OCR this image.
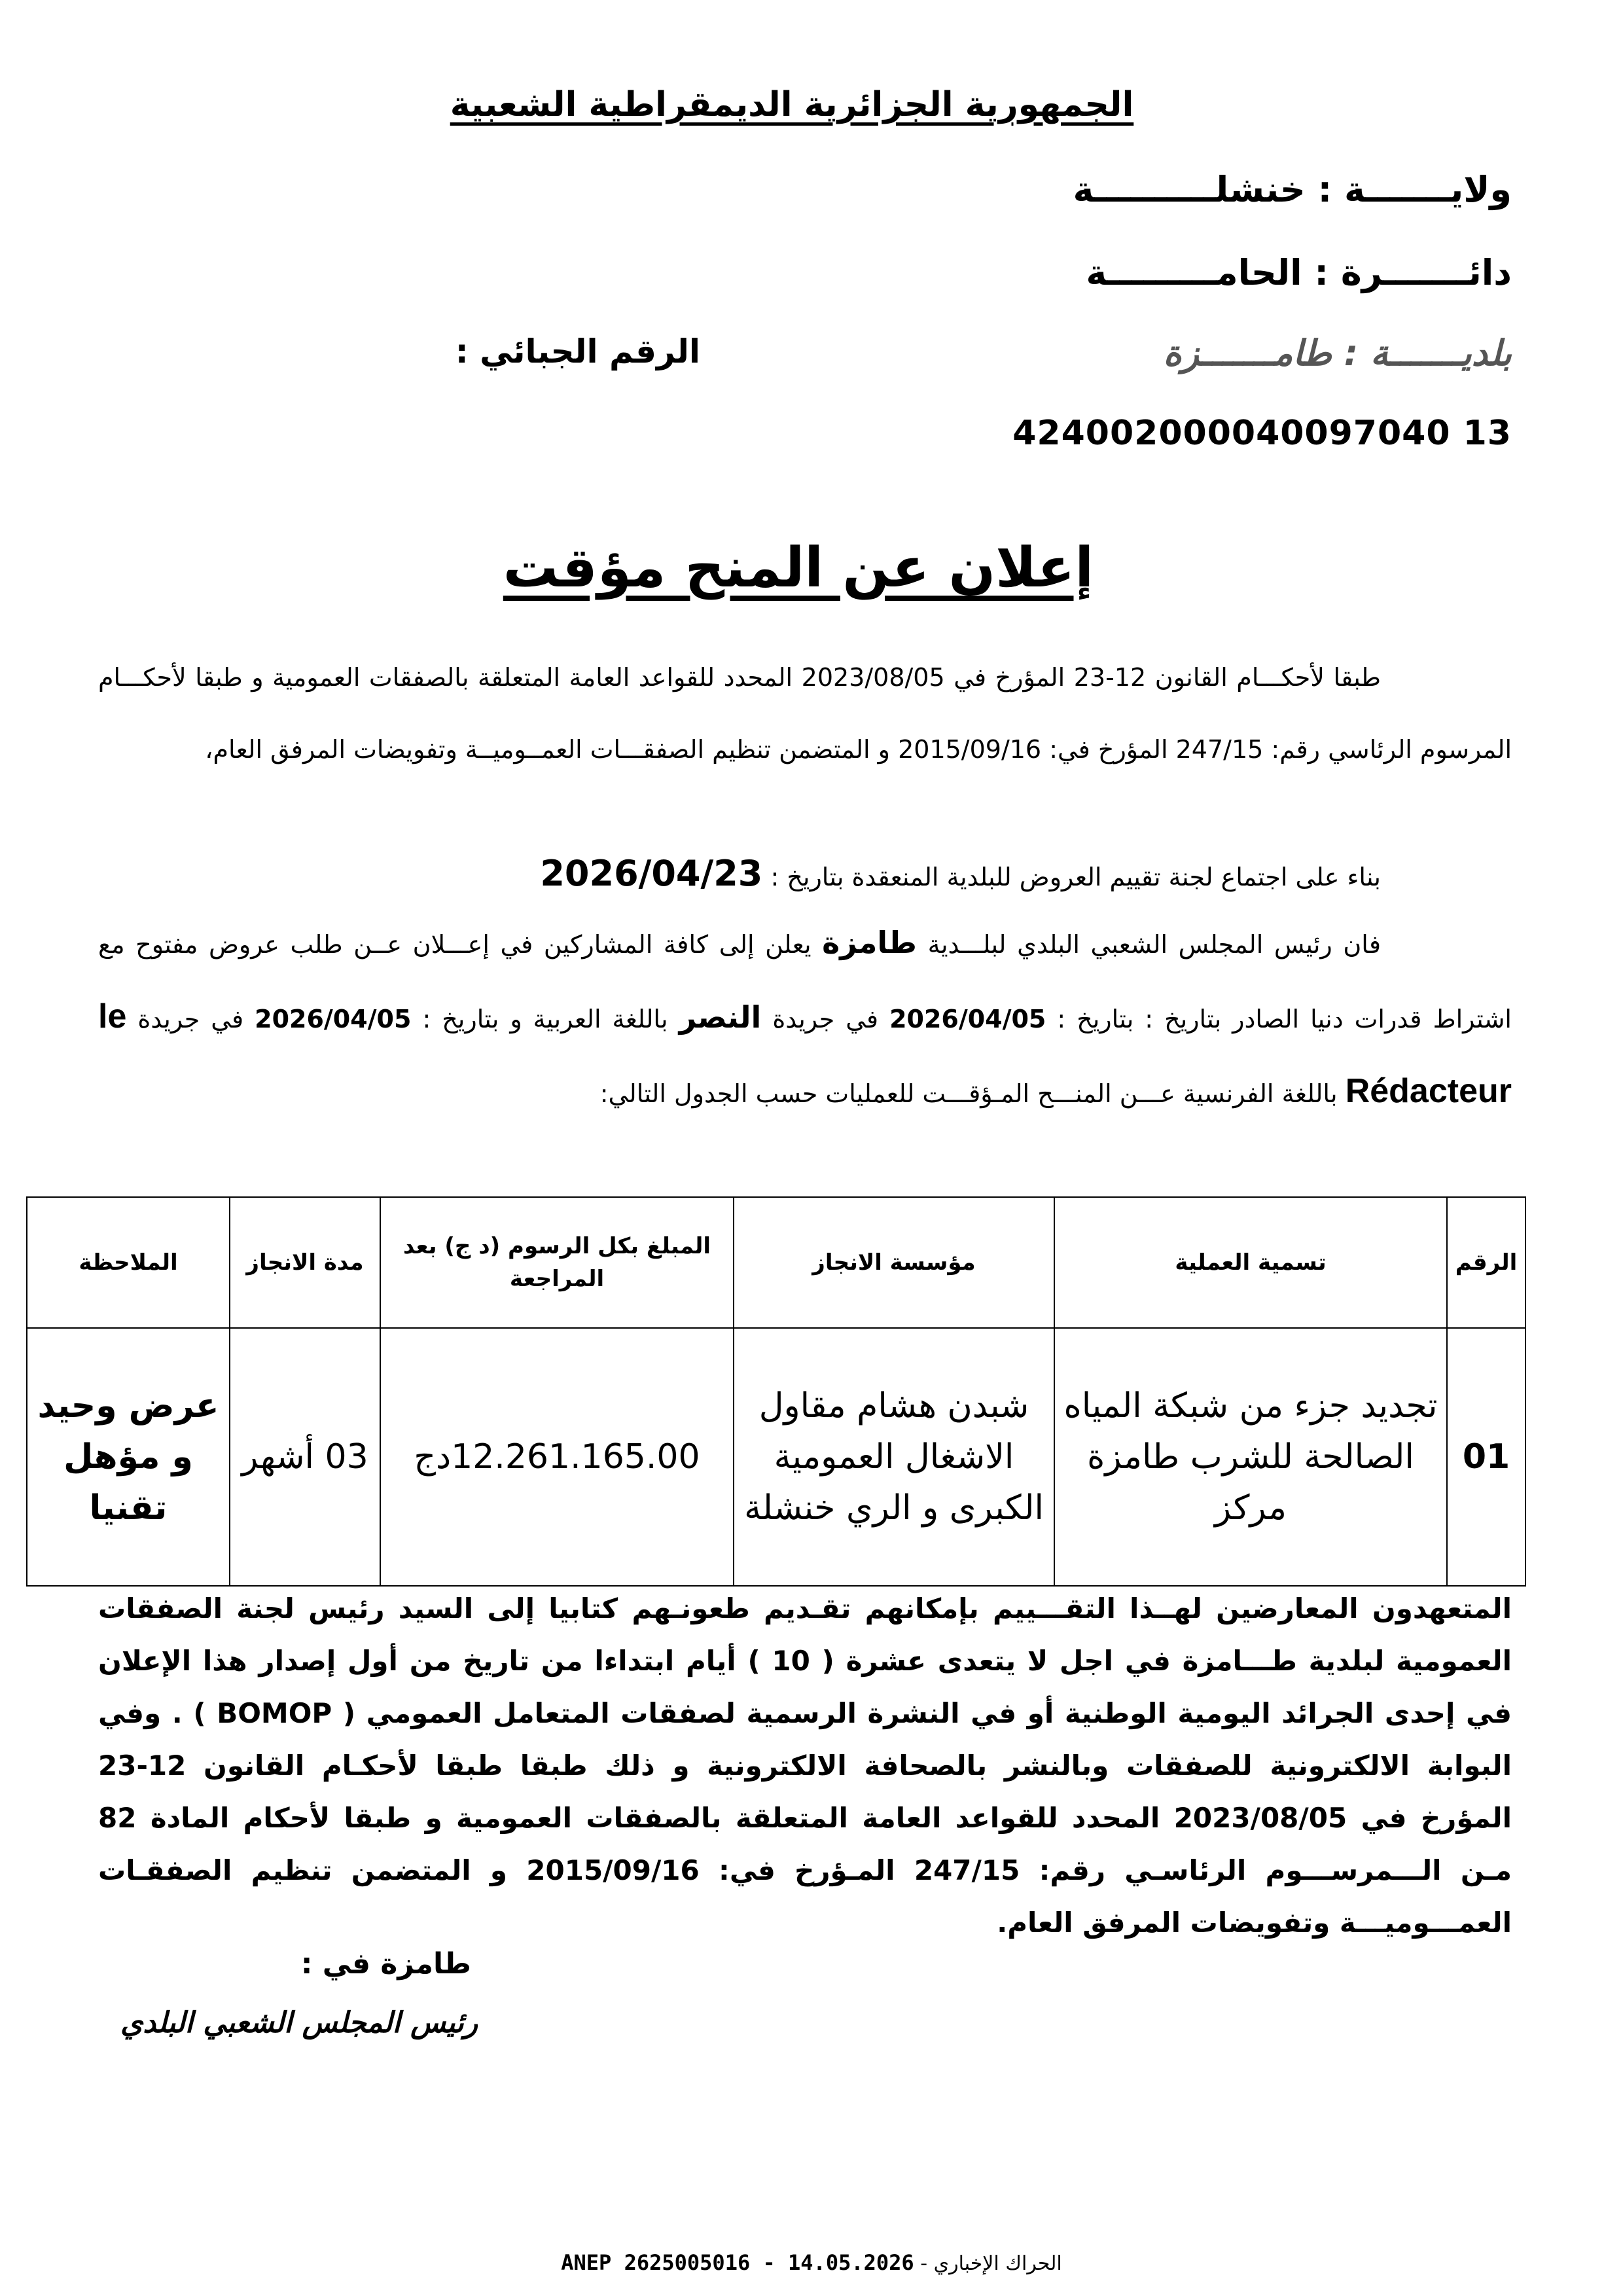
الجمهورية الجزائرية الديمقراطية الشعبية
ولايـــــــة : خنشلــــــــــة
دائـــــــرة : الحامـــــــــة
بلديـــــــة : طامـــــــزة
الرقم الجبائي :
424002000040097040 13
إعلان عن المنح مؤقت
طبقا لأحكـــام القانون 12-23 المؤرخ في 2023/08/05 المحدد للقواعد العامة المتعلقة بالصفقات العمومية و طبقا لأحكـــام المرسوم الرئاسي رقم: 247/15 المؤرخ في: 2015/09/16 و المتضمن تنظيم الصفقـــات العمــوميــة وتفويضات المرفق العام،
بناء على اجتماع لجنة تقييم العروض للبلدية المنعقدة بتاريخ : 2026/04/23
فان رئيس المجلس الشعبي البلدي لبلـــدية طامزة يعلن إلى كافة المشاركين في إعـــلان عــن طلب عروض مفتوح مع اشتراط قدرات دنيا الصادر بتاريخ : بتاريخ : 2026/04/05 في جريدة النصر باللغة العربية و بتاريخ : 2026/04/05 في جريدة le Rédacteur باللغة الفرنسية عـــن المنـــح المـؤقـــت للعمليات حسب الجدول التالي:
الرقم	تسمية العملية	مؤسسة الانجاز	المبلغ بكل الرسوم (د ج) بعد المراجعة	مدة الانجاز	الملاحظة
01	تجديد جزء من شبكة المياه الصالحة للشرب طامزة مركز	شبدن هشام مقاول الاشغال العمومية الكبرى و الري خنشلة	12.261.165.00دج	03 أشهر	عرض وحيد و مؤهل تقنيا
المتعهدون المعارضين لهــذا التقـــييم بإمكانهم تقـديم طعونـهم كتابيا إلى السيد رئيس لجنة الصفقات العمومية لبلدية طـــامزة في اجل لا يتعدى عشرة ( 10 ) أيام ابتداءا من تاريخ من أول إصدار هذا الإعلان في إحدى الجرائد اليومية الوطنية أو في النشرة الرسمية لصفقات المتعامل العمومي ( BOMOP ) . وفي البوابة الالكترونية للصفقات وبالنشر بالصحافة الالكترونية و ذلك طبقا طبقا لأحكـام القانون 12-23 المؤرخ في 2023/08/05 المحدد للقواعد العامة المتعلقة بالصفقات العمومية و طبقا لأحكام المادة 82 مـن الـــمرســـوم الرئاسـي رقم: 247/15 المـؤرخ في: 2015/09/16 و المتضمن تنظيم الصفقـات العمـــوميـــة وتفويضات المرفق العام.
طامزة في :
رئيس المجلس الشعبي البلدي
ANEP 2625005016 - 14.05.2026 - الحراك الإخباري
